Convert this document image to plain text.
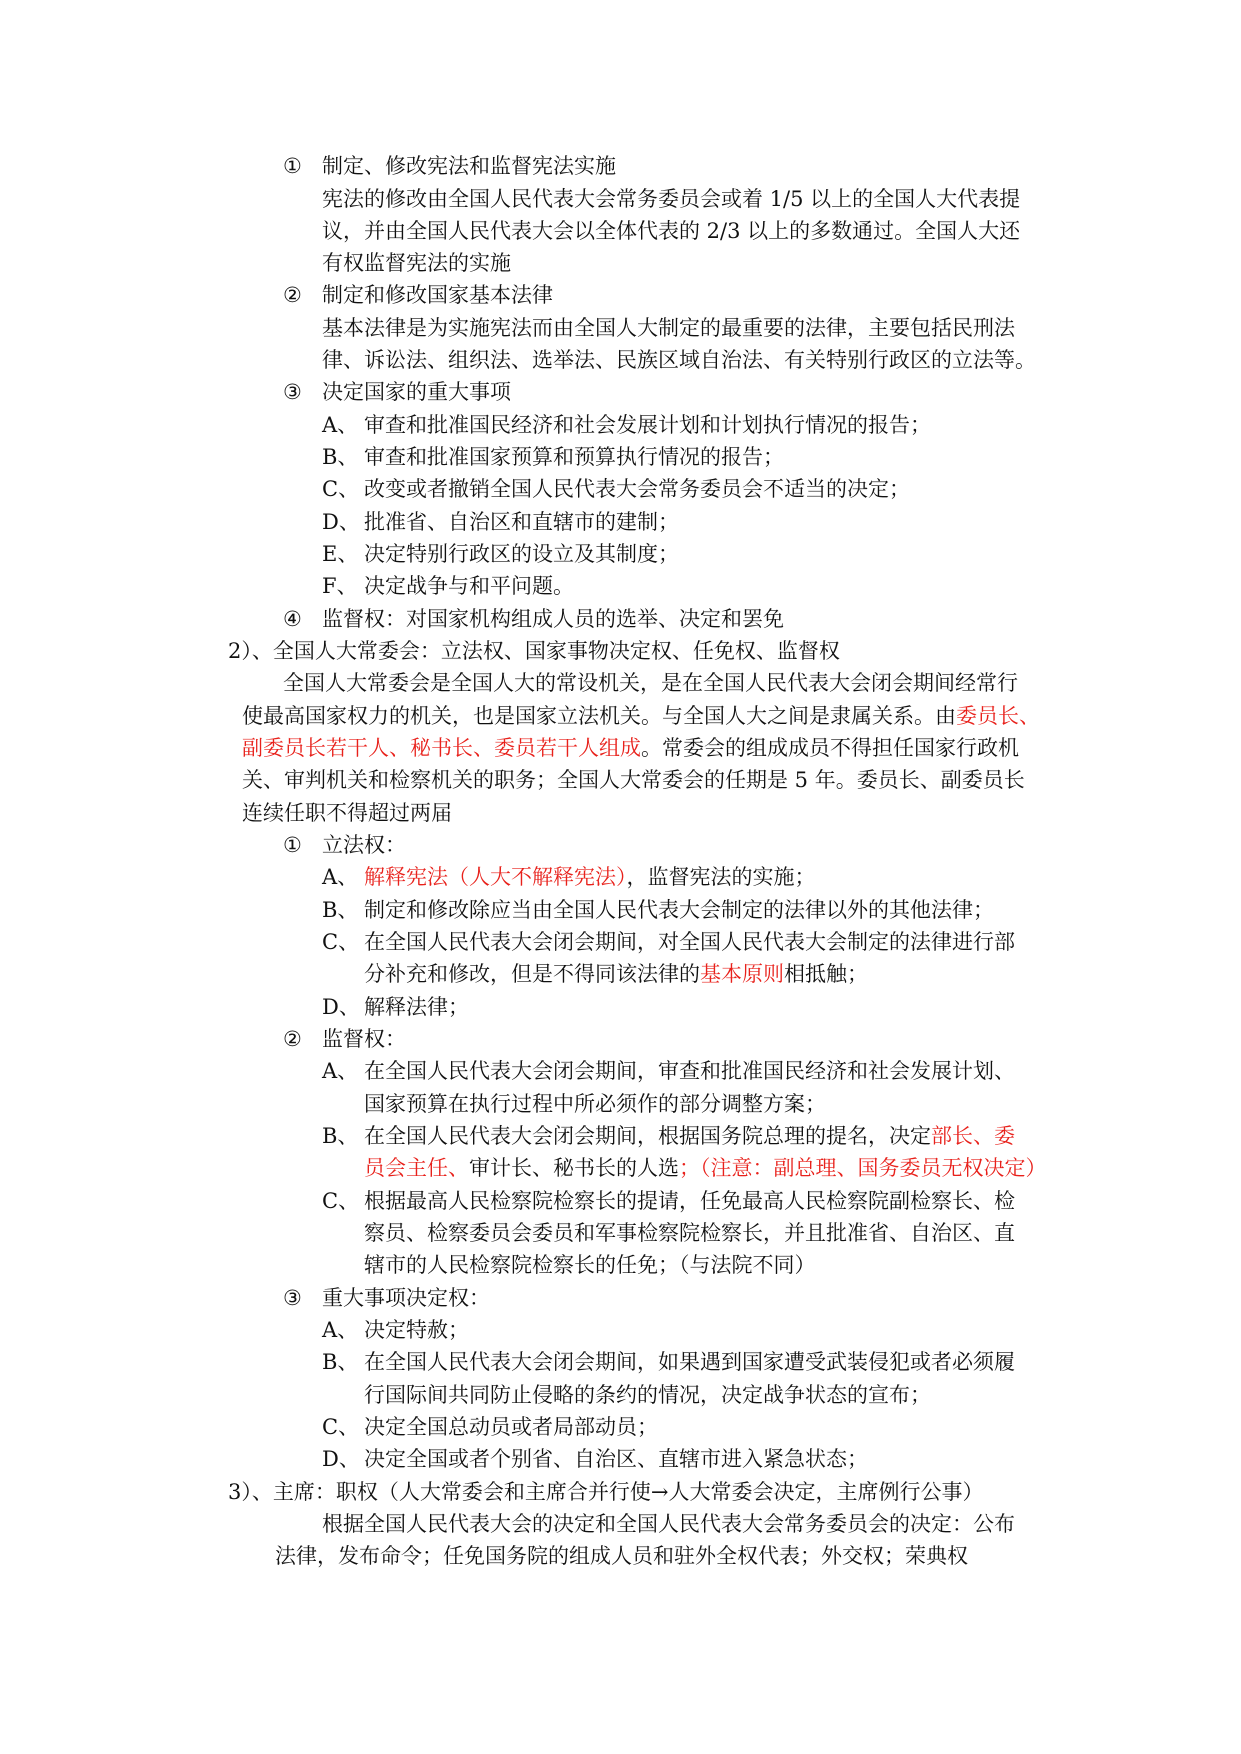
① 制定、修改宪法和监督宪法实施
宪法的修改由全国人民代表大会常务委员会或着 1/5 以上的全国人大代表提
议，并由全国人民代表大会以全体代表的 2/3 以上的多数通过。全国人大还
有权监督宪法的实施
② 制定和修改国家基本法律
基本法律是为实施宪法而由全国人大制定的最重要的法律，主要包括民刑法
律、诉讼法、组织法、选举法、民族区域自治法、有关特别行政区的立法等。
③ 决定国家的重大事项
A、 审查和批准国民经济和社会发展计划和计划执行情况的报告；
B、 审查和批准国家预算和预算执行情况的报告；
C、 改变或者撤销全国人民代表大会常务委员会不适当的决定；
D、 批准省、自治区和直辖市的建制；
E、 决定特别行政区的设立及其制度；
F、 决定战争与和平问题。
④ 监督权：对国家机构组成人员的选举、决定和罢免
2）、全国人大常委会：立法权、国家事物决定权、任免权、监督权
全国人大常委会是全国人大的常设机关，是在全国人民代表大会闭会期间经常行
使最高国家权力的机关，也是国家立法机关。与全国人大之间是隶属关系。由委员长、
副委员长若干人、秘书长、委员若干人组成。常委会的组成成员不得担任国家行政机
关、审判机关和检察机关的职务；全国人大常委会的任期是 5 年。委员长、副委员长
连续任职不得超过两届
① 立法权：
A、 解释宪法（人大不解释宪法），监督宪法的实施；
B、 制定和修改除应当由全国人民代表大会制定的法律以外的其他法律；
C、 在全国人民代表大会闭会期间，对全国人民代表大会制定的法律进行部
分补充和修改，但是不得同该法律的基本原则相抵触；
D、 解释法律；
② 监督权：
A、 在全国人民代表大会闭会期间，审查和批准国民经济和社会发展计划、
国家预算在执行过程中所必须作的部分调整方案；
B、 在全国人民代表大会闭会期间，根据国务院总理的提名，决定部长、委
员会主任、审计长、秘书长的人选；（注意：副总理、国务委员无权决定）
C、 根据最高人民检察院检察长的提请，任免最高人民检察院副检察长、检
察员、检察委员会委员和军事检察院检察长，并且批准省、自治区、直
辖市的人民检察院检察长的任免；（与法院不同）
③ 重大事项决定权：
A、 决定特赦；
B、 在全国人民代表大会闭会期间，如果遇到国家遭受武装侵犯或者必须履
行国际间共同防止侵略的条约的情况，决定战争状态的宣布；
C、 决定全国总动员或者局部动员；
D、 决定全国或者个别省、自治区、直辖市进入紧急状态；
3）、主席：职权（人大常委会和主席合并行使→人大常委会决定，主席例行公事）
根据全国人民代表大会的决定和全国人民代表大会常务委员会的决定：公布
法律，发布命令；任免国务院的组成人员和驻外全权代表；外交权；荣典权
